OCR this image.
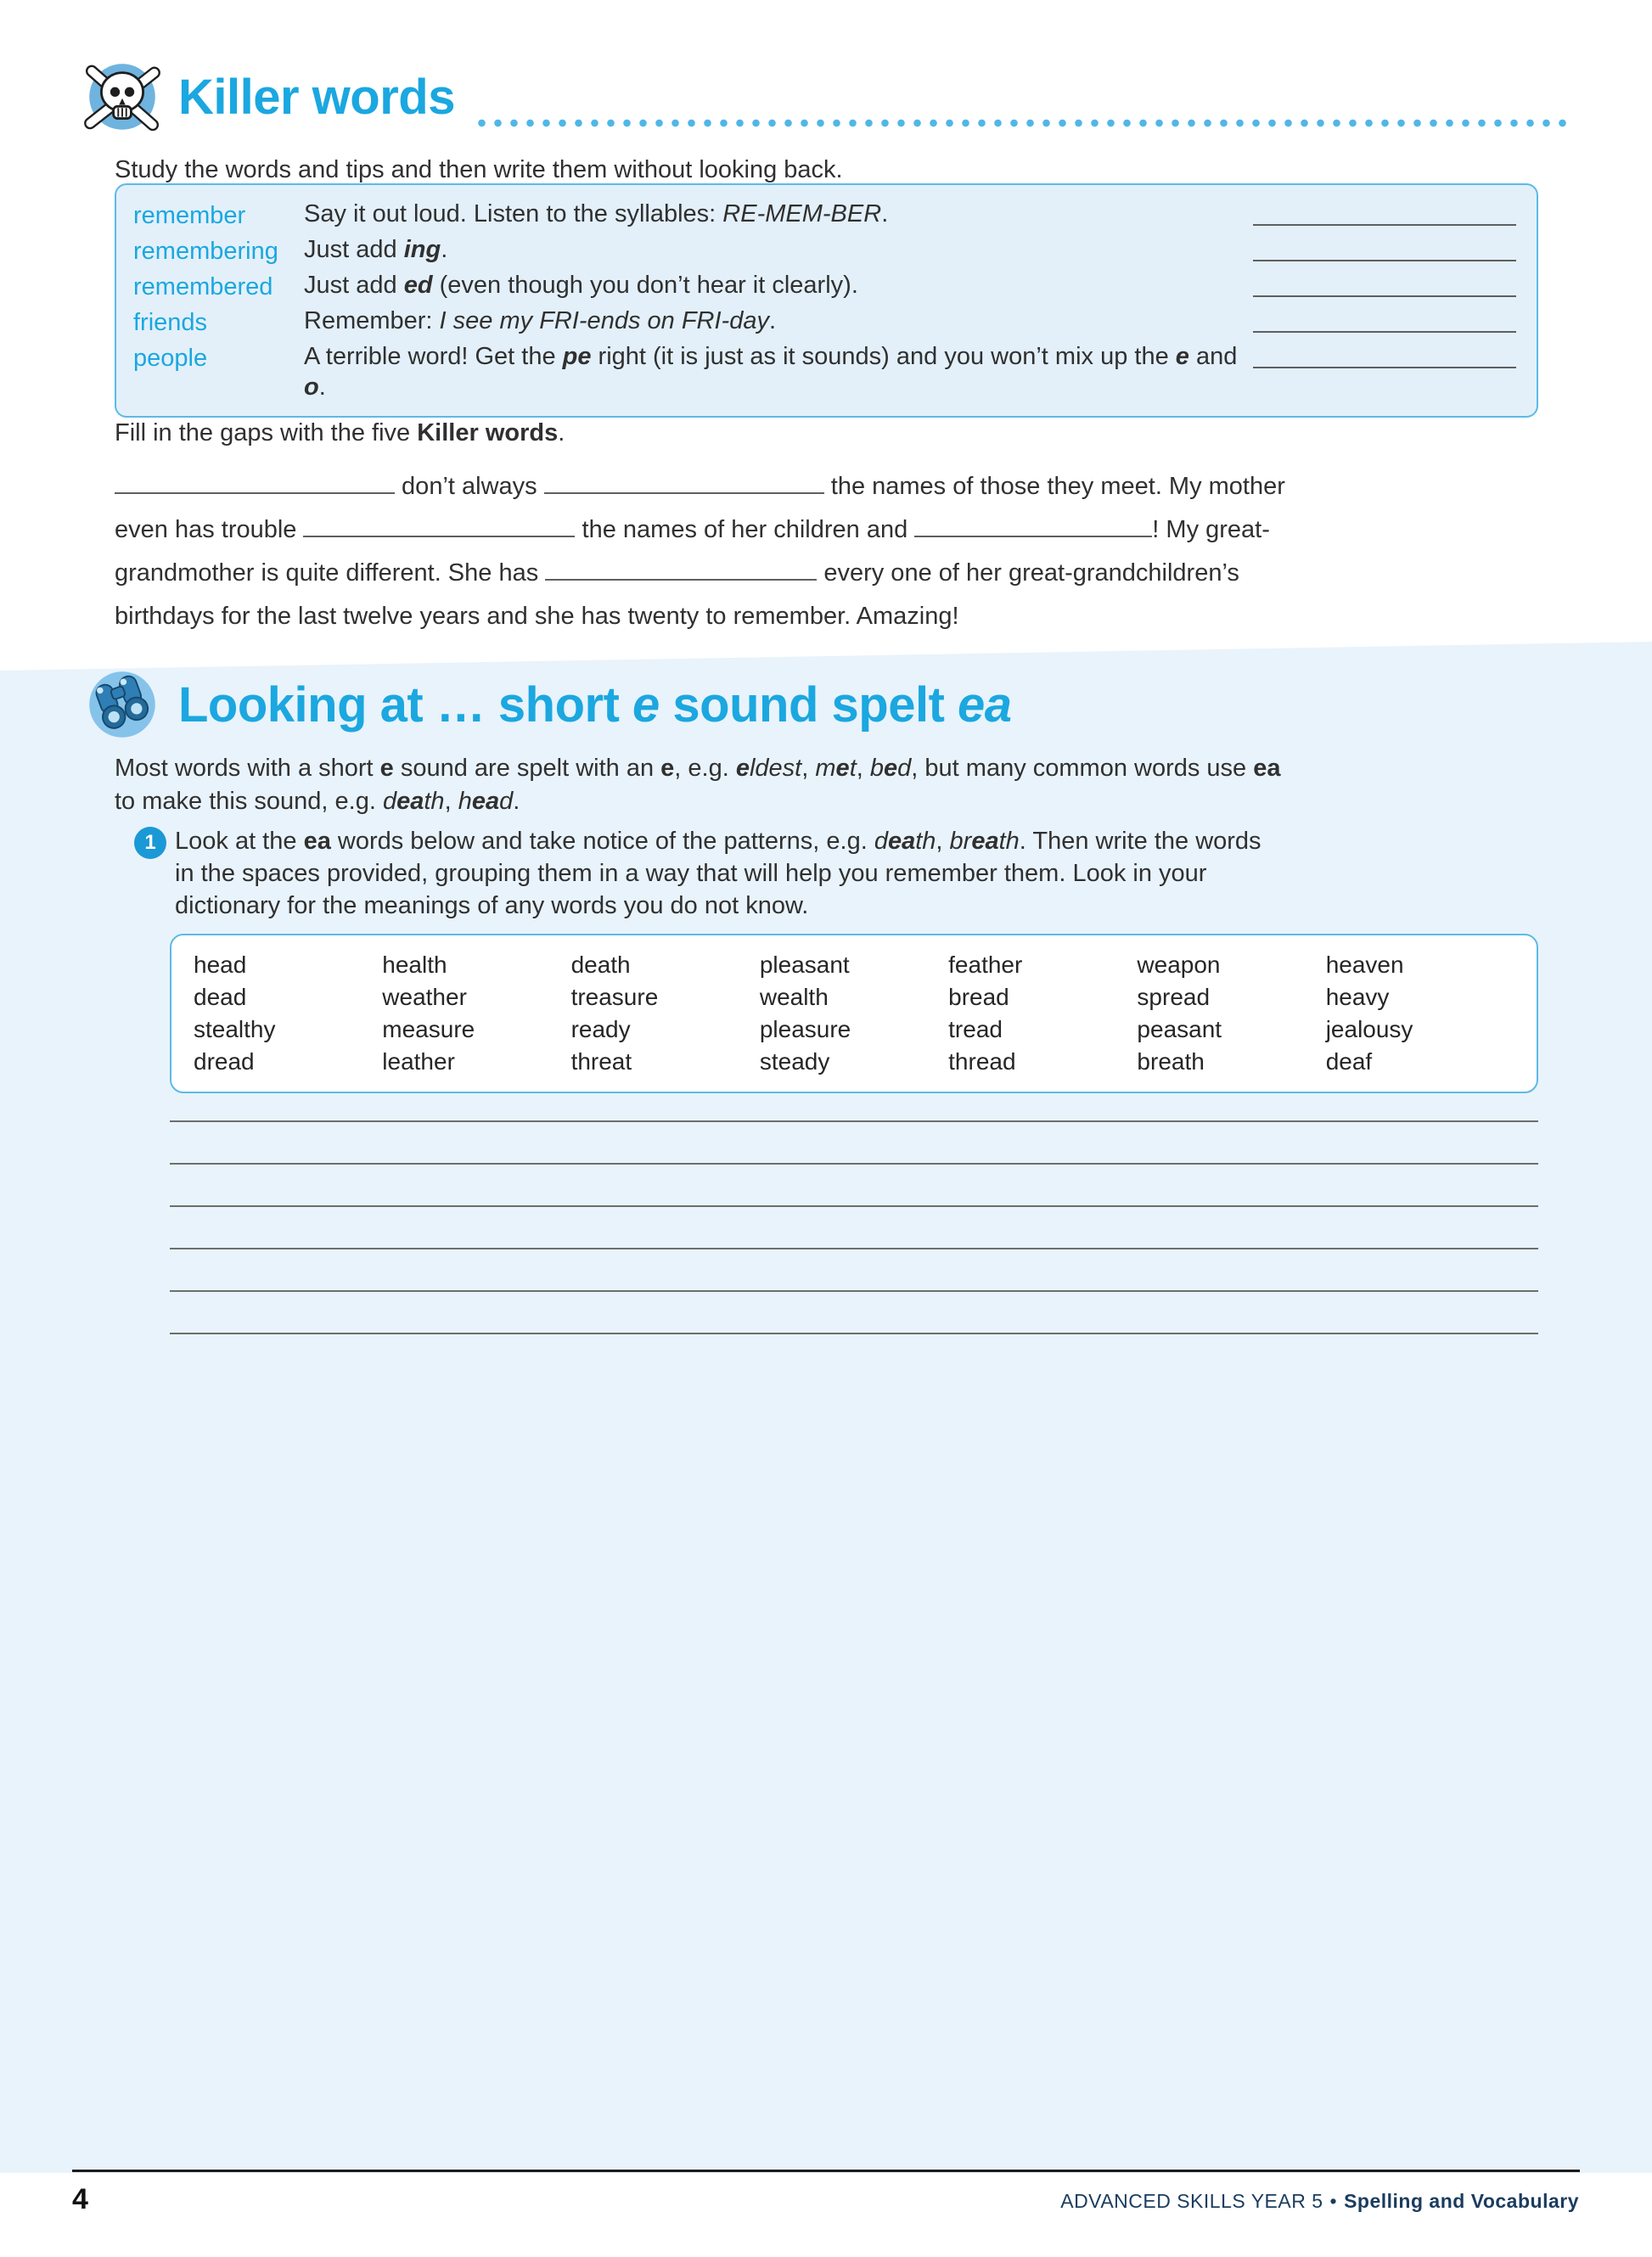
Killer words

Study the words and tips and then write them without looking back.

remember	Say it out loud. Listen to the syllables: RE-MEM-BER.
remembering	Just add ing.
remembered	Just add ed (even though you don’t hear it clearly).
friends	Remember: I see my FRI-ends on FRI-day.
people	A terrible word! Get the pe right (it is just as it sounds) and you won’t mix up the e and o.

Fill in the gaps with the five Killer words.

don’t always	the names of those they meet. My mother
even has trouble	the names of her children and	! My great-
grandmother is quite different. She has	every one of her great-grandchildren’s
birthdays for the last twelve years and she has twenty to remember. Amazing!

Looking at … short e sound spelt ea

Most words with a short e sound are spelt with an e, e.g. eldest, met, bed, but many common words use ea
to make this sound, e.g. death, head.

1 Look at the ea words below and take notice of the patterns, e.g. death, breath. Then write the words
in the spaces provided, grouping them in a way that will help you remember them. Look in your
dictionary for the meanings of any words you do not know.

head	health	death	pleasant	feather	weapon	heaven
dead	weather	treasure	wealth	bread	spread	heavy
stealthy	measure	ready	pleasure	tread	peasant	jealousy
dread	leather	threat	steady	thread	breath	deaf
4	ADVANCED SKILLS YEAR 5 • Spelling and Vocabulary
